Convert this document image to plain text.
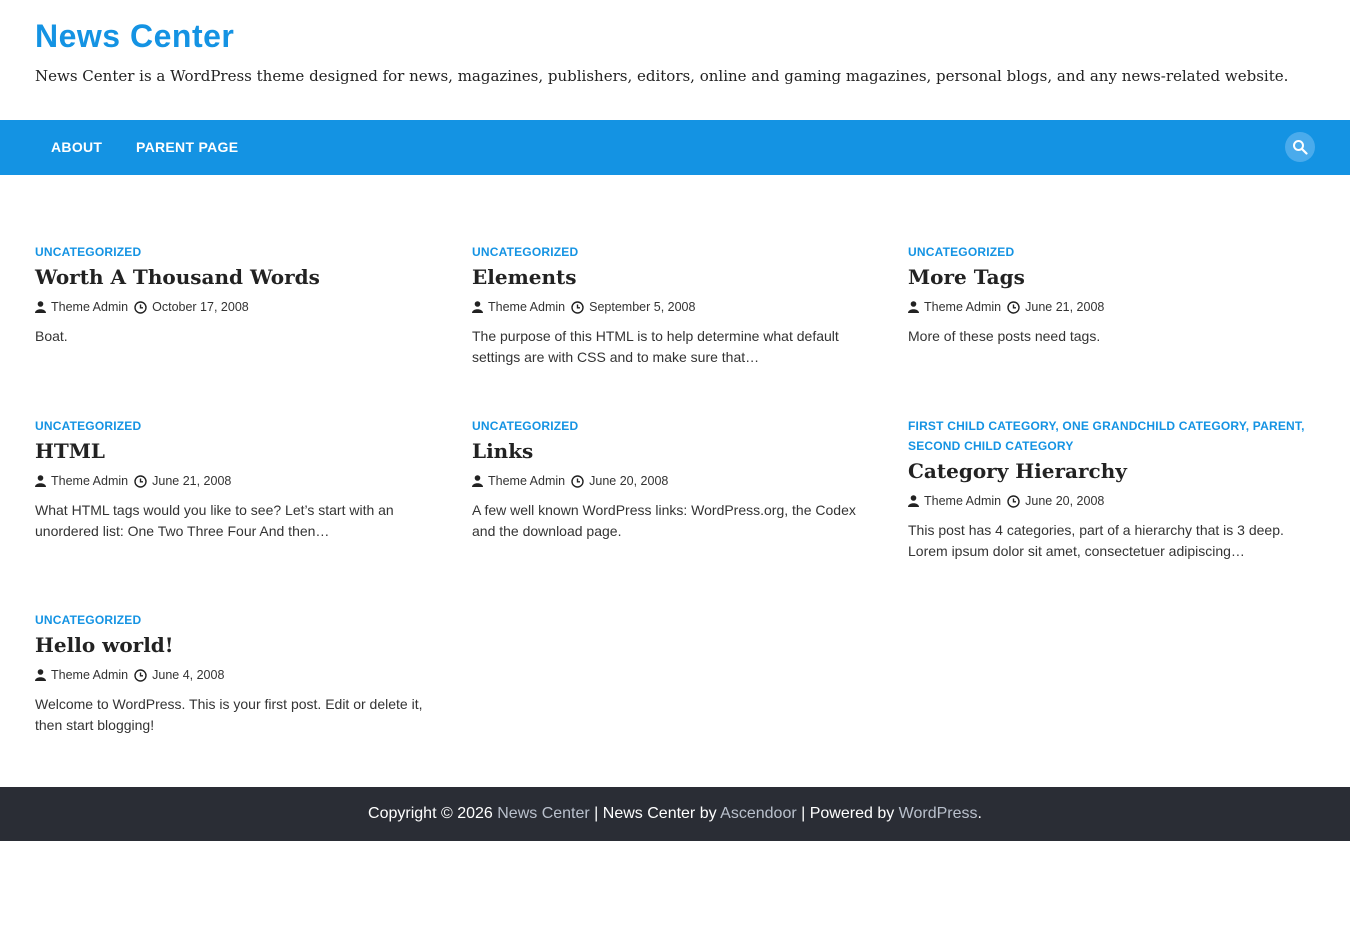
News Center

News Center is a WordPress theme designed for news, magazines, publishers, editors, online and gaming magazines, personal blogs, and any news-related website.

ABOUT PARENT PAGE
UNCATEGORIZED
Worth A Thousand Words
Theme Admin October 17, 2008

Boat.

UNCATEGORIZED
Elements
Theme Admin September 5, 2008

The purpose of this HTML is to help determine what default settings are with CSS and to make sure that…

UNCATEGORIZED
More Tags
Theme Admin June 21, 2008

More of these posts need tags.

UNCATEGORIZED
HTML
Theme Admin June 21, 2008

What HTML tags would you like to see? Let’s start with an unordered list: One Two Three Four And then…

UNCATEGORIZED
Links
Theme Admin June 20, 2008

A few well known WordPress links: WordPress.org, the Codex and the download page.

FIRST CHILD CATEGORY, ONE GRANDCHILD CATEGORY, PARENT, SECOND CHILD CATEGORY
Category Hierarchy
Theme Admin June 20, 2008

This post has 4 categories, part of a hierarchy that is 3 deep. Lorem ipsum dolor sit amet, consectetuer adipiscing…

UNCATEGORIZED
Hello world!
Theme Admin June 4, 2008

Welcome to WordPress. This is your first post. Edit or delete it, then start blogging!

Copyright © 2026 News Center | News Center by Ascendoor | Powered by WordPress.
